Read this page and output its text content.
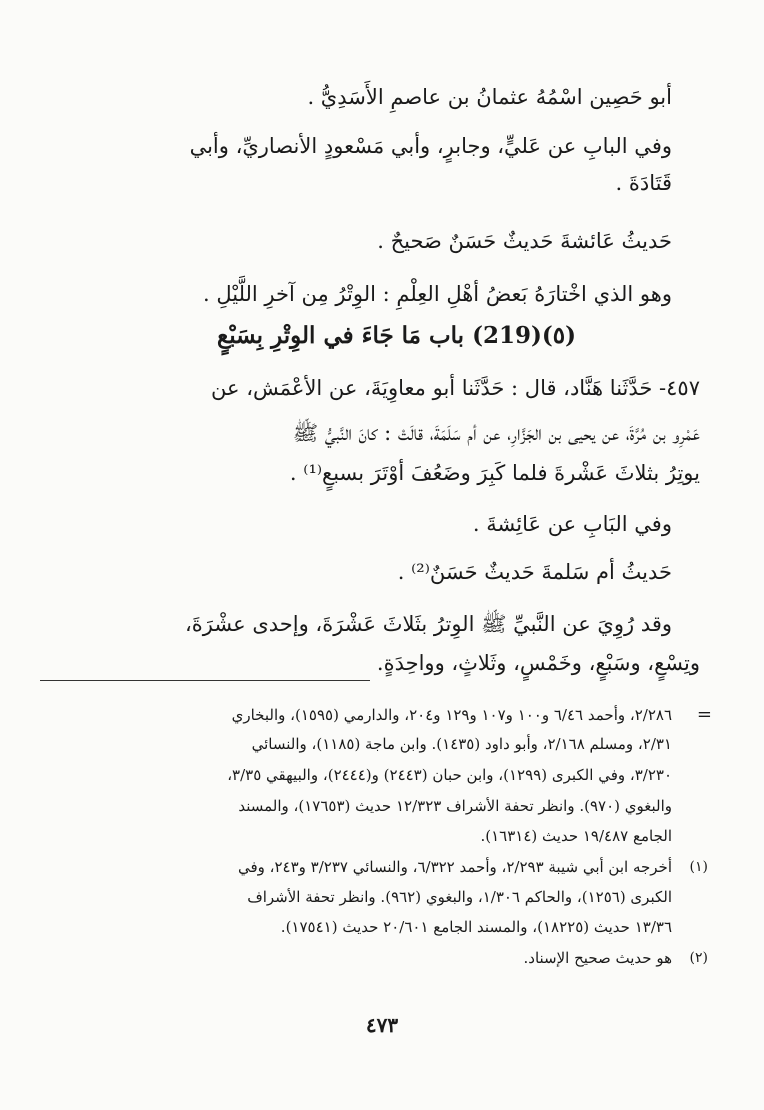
أبو حَصِين اسْمُهُ عثمانُ بن عاصمِ الأَسَدِيُّ .
وفي البابِ عن عَليٍّ، وجابرٍ، وأبي مَسْعودٍ الأنصاريِّ، وأبي
قَتَادَةَ .
حَديثُ عَائشةَ حَديثٌ حَسَنٌ صَحيحٌ .
وهو الذي اخْتارَهُ بَعضُ أهْلِ العِلْمِ : الوِتْرُ مِن آخرِ اللَّيْلِ .
(٥)(219) باب مَا جَاءَ في الوِتْرِ بِسَبْعٍ
٤٥٧- حَدَّثَنا هَنَّاد، قال : حَدَّثَنا أبو معاوِيَةَ، عن الأعْمَش، عن
عَمْرِو بن مُرَّةَ، عن يحيى بن الجَزَّارِ، عن أم سَلَمَةَ، قالَتْ : كانَ النَّبيُّ ﷺ
يوتِرُ بثلاثَ عَشْرةَ فلما كَبِرَ وضَعُفَ أوْتَرَ بسبعٍ⁽¹⁾ .
وفي البَابِ عن عَائِشةَ .
حَديثُ أم سَلمةَ حَديثٌ حَسَنٌ⁽²⁾ .
وقد رُوِيَ عن النَّبيِّ ﷺ الوِترُ بثَلاثَ عَشْرَةَ، وإحدى عشْرَةَ،
وتِسْعٍ، وسَبْعٍ، وخَمْسٍ، وثَلاثٍ، وواحِدَةٍ.
=
٢/٢٨٦، وأحمد ٦/٤٦ و١٠٠ و١٠٧ و١٢٩ و٢٠٤، والدارمي (١٥٩٥)، والبخاري
٢/٣١، ومسلم ٢/١٦٨، وأبو داود (١٤٣٥). وابن ماجة (١١٨٥)، والنسائي
٣/٢٣٠، وفي الكبرى (١٢٩٩)، وابن حبان (٢٤٤٣) و(٢٤٤٤)، والبيهقي ٣/٣٥،
والبغوي (٩٧٠). وانظر تحفة الأشراف ١٢/٣٢٣ حديث (١٧٦٥٣)، والمسند
الجامع ١٩/٤٨٧ حديث (١٦٣١٤).
(١)
أخرجه ابن أبي شيبة ٢/٢٩٣، وأحمد ٦/٣٢٢، والنسائي ٣/٢٣٧ و٢٤٣، وفي
الكبرى (١٢٥٦)، والحاكم ١/٣٠٦، والبغوي (٩٦٢). وانظر تحفة الأشراف
١٣/٣٦ حديث (١٨٢٢٥)، والمسند الجامع ٢٠/٦٠١ حديث (١٧٥٤١).
(٢)
هو حديث صحيح الإسناد.
٤٧٣
